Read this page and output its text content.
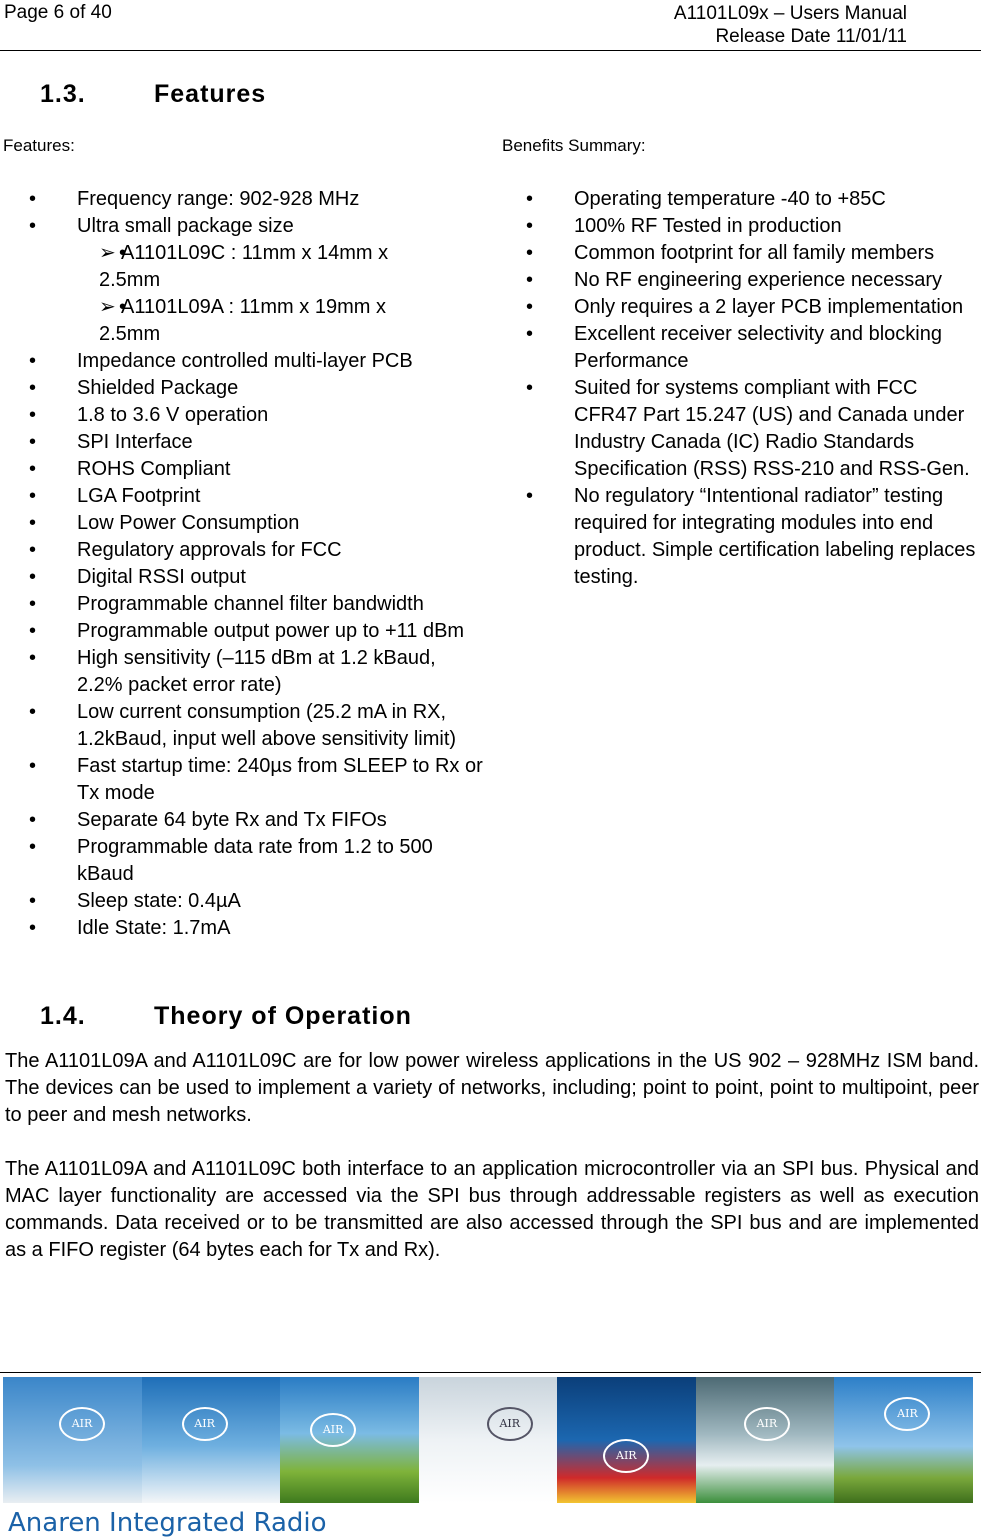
Page 6 of 40	A1101L09x – Users Manual
Release Date 11/01/11
1.3.	Features
Features:
• Frequency range: 902-928 MHz
• Ultra small package size
• ➢ A1101L09C : 11mm x 14mm x 2.5mm
• ➢ A1101L09A : 11mm x 19mm x 2.5mm
• Impedance controlled multi-layer PCB
• Shielded Package
• 1.8 to 3.6 V operation
• SPI Interface
• ROHS Compliant
• LGA Footprint
• Low Power Consumption
• Regulatory approvals for FCC
• Digital RSSI output
• Programmable channel filter bandwidth
• Programmable output power up to +11 dBm
• High sensitivity (–115 dBm at 1.2 kBaud, 2.2% packet error rate)
• Low current consumption (25.2 mA in RX, 1.2kBaud, input well above sensitivity limit)
• Fast startup time: 240µs from SLEEP to Rx or Tx mode
• Separate 64 byte Rx and Tx FIFOs
• Programmable data rate from 1.2 to 500 kBaud
• Sleep state: 0.4µA
• Idle State: 1.7mA
Benefits Summary:
• Operating temperature -40 to +85C
• 100% RF Tested in production
• Common footprint for all family members
• No RF engineering experience necessary
• Only requires a 2 layer PCB implementation
• Excellent receiver selectivity and blocking Performance
• Suited for systems compliant with FCC CFR47 Part 15.247 (US) and Canada under Industry Canada (IC) Radio Standards Specification (RSS) RSS-210 and RSS-Gen.
• No regulatory “Intentional radiator” testing required for integrating modules into end product. Simple certification labeling replaces testing.
1.4.	Theory of Operation
The A1101L09A and A1101L09C are for low power wireless applications in the US 902 – 928MHz ISM band. The devices can be used to implement a variety of networks, including; point to point, point to multipoint, peer to peer and mesh networks.
The A1101L09A and A1101L09C both interface to an application microcontroller via an SPI bus. Physical and MAC layer functionality are accessed via the SPI bus through addressable registers as well as execution commands. Data received or to be transmitted are also accessed through the SPI bus and are implemented as a FIFO register (64 bytes each for Tx and Rx).
AIR	AIR	AIR	AIR
AIR
AIR
AIR
Anaren Integrated Radio
